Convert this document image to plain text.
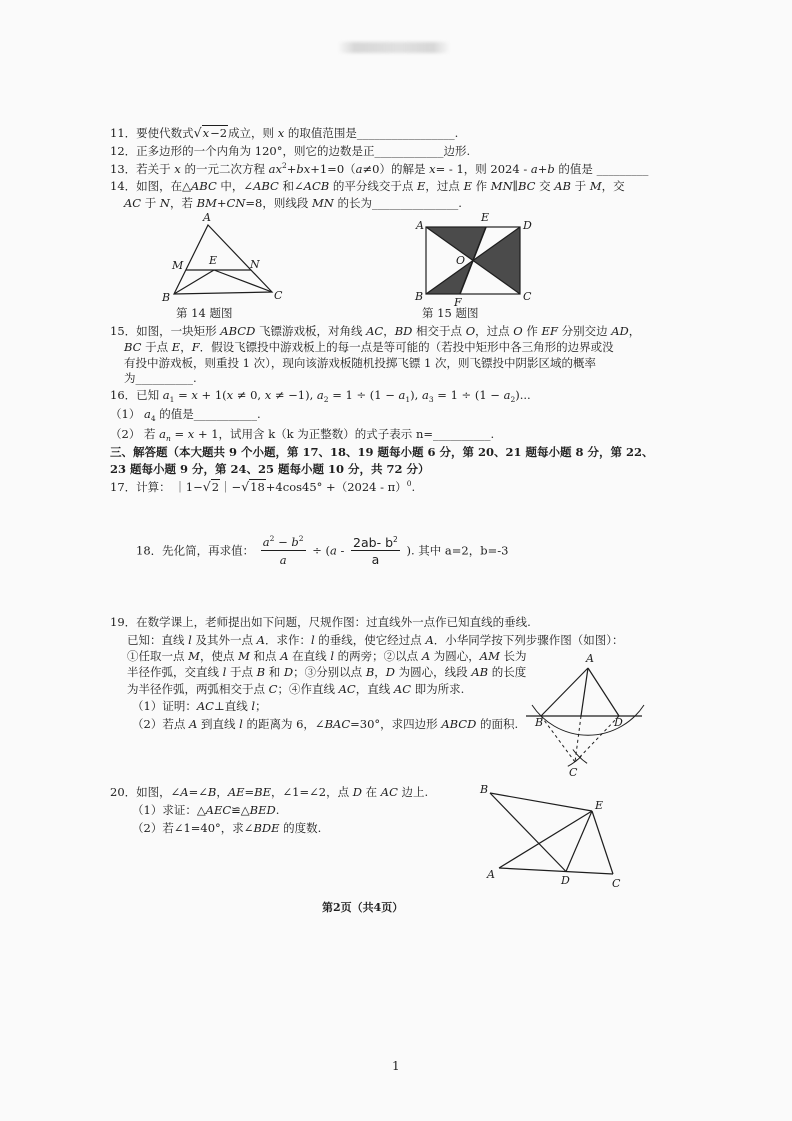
11．要使代数式√x−2成立，则 x 的取值范围是_________________.
12．正多边形的一个内角为 120°，则它的边数是正____________边形.
13．若关于 x 的一元二次方程 $ax^2+bx+1=0(a\ne 0)$的解是 x= - 1，则 2024 - a+b 的值是 _________
14．如图，在△ABC 中，∠ABC 和∠ACB 的平分线交于点 E，过点 E 作 MN∥BC 交 AB 于 M，交
AC 于 N，若 BM+CN=8，则线段 MN 的长为_______________.
第 14 题图	第 15 题图
15．如图，一块矩形 ABCD 飞镖游戏板，对角线 AC，BD 相交于点 O，过点 O 作 EF 分别交边 AD，
BC 于点 E，F．假设飞镖投中游戏板上的每一点是等可能的（若投中矩形中各三角形的边界或没
有投中游戏板，则重投 1 次），现向该游戏板随机投掷飞镖 1 次，则飞镖投中阴影区域的概率
为__________.
16．已知 $a_1 = x + 1(x \ne 0$, x ≠ −1), $a_2 = 1 \div (1 - a_1)$, $a_3 = 1 \div (1 - a_2)$...
（1） $a_4$ 的值是___________.
（2） 若 $a_n = x + 1$，试用含 k（k 为正整数）的式子表示 n=__________.
三、解答题（本大题共 9 个小题，第 17、18、19 题每小题 6 分，第 20、21 题每小题 8 分，第 22、
23 题每小题 9 分，第 24、25 题每小题 10 分，共 72 分）
17．计算： ｜1−√2｜−√18+4cos45° +（2024 - π）$^0$.
18．先化简，再求值： $\frac{a^2 - b^2}{a} \div (a - \frac{2ab- b^2}{a}$ ). 其中 a=2，b=-3
19．在数学课上，老师提出如下问题，尺规作图：过直线外一点作已知直线的垂线.
已知：直线 l 及其外一点 A．求作：l 的垂线，使它经过点 A．小华同学按下列步骤作图（如图）：
①任取一点 M，使点 M 和点 A 在直线 l 的两旁；②以点 A 为圆心，AM 长为
半径作弧，交直线 l 于点 B 和 D；③分别以点 B，D 为圆心，线段 AB 的长度
为半径作弧，两弧相交于点 C；④作直线 AC，直线 AC 即为所求.
（1）证明：AC⊥直线 l；
（2）若点 A 到直线 l 的距离为 6，∠BAC=30°，求四边形 ABCD 的面积.
20．如图，∠A=∠B，AE=BE，∠1=∠2，点 D 在 AC 边上.
（1）求证：△AEC≌△BED.
（2）若∠1=40°，求∠BDE 的度数.
第2页（共4页）
1
A
M E	N
B	C
A
E
D
O
B	F	C
A
B	D
C
B
E
A	D	C
